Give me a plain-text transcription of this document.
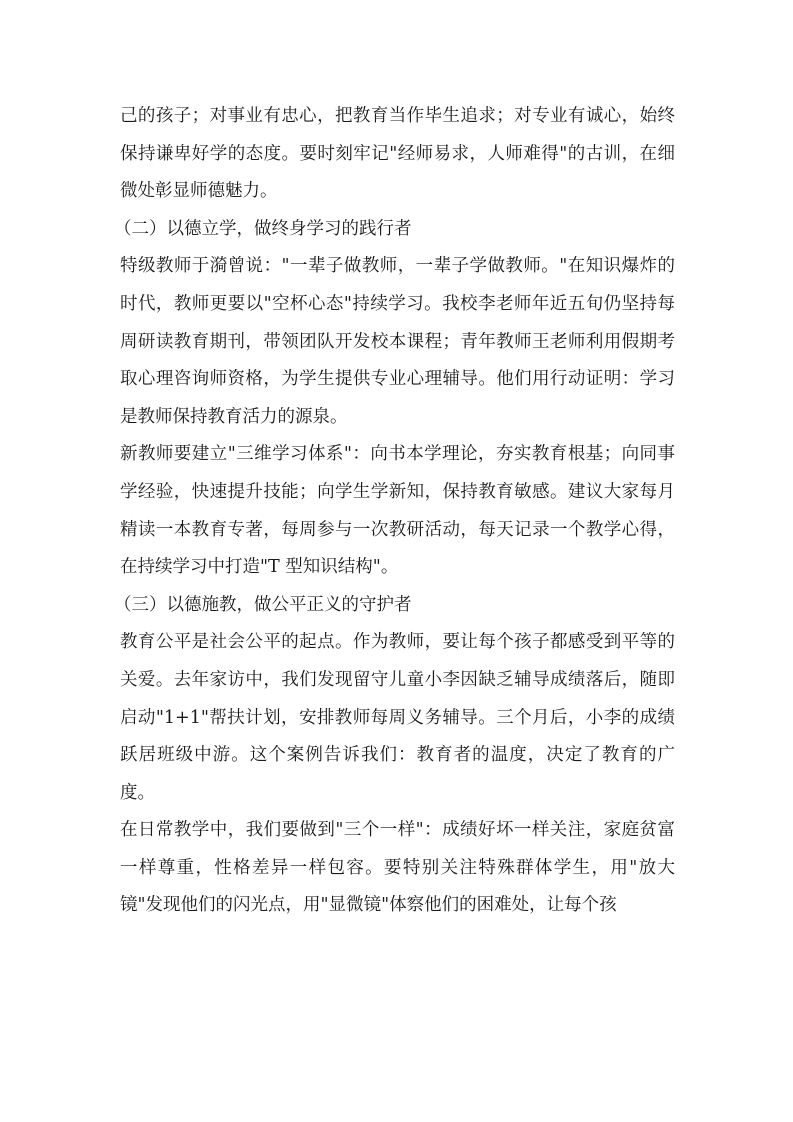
己的孩子；对事业有忠心，把教育当作毕生追求；对专业有诚心，始终保持谦卑好学的态度。要时刻牢记"经师易求，人师难得"的古训，在细微处彰显师德魅力。

（二）以德立学，做终身学习的践行者

特级教师于漪曾说："一辈子做教师，一辈子学做教师。"在知识爆炸的时代，教师更要以"空杯心态"持续学习。我校李老师年近五旬仍坚持每周研读教育期刊，带领团队开发校本课程；青年教师王老师利用假期考取心理咨询师资格，为学生提供专业心理辅导。他们用行动证明：学习是教师保持教育活力的源泉。

新教师要建立"三维学习体系"：向书本学理论，夯实教育根基；向同事学经验，快速提升技能；向学生学新知，保持教育敏感。建议大家每月精读一本教育专著，每周参与一次教研活动，每天记录一个教学心得，在持续学习中打造"T 型知识结构"。

（三）以德施教，做公平正义的守护者

教育公平是社会公平的起点。作为教师，要让每个孩子都感受到平等的关爱。去年家访中，我们发现留守儿童小李因缺乏辅导成绩落后，随即启动"1+1"帮扶计划，安排教师每周义务辅导。三个月后，小李的成绩跃居班级中游。这个案例告诉我们：教育者的温度，决定了教育的广度。

在日常教学中，我们要做到"三个一样"：成绩好坏一样关注，家庭贫富一样尊重，性格差异一样包容。要特别关注特殊群体学生，用"放大镜"发现他们的闪光点，用"显微镜"体察他们的困难处，让每个孩
